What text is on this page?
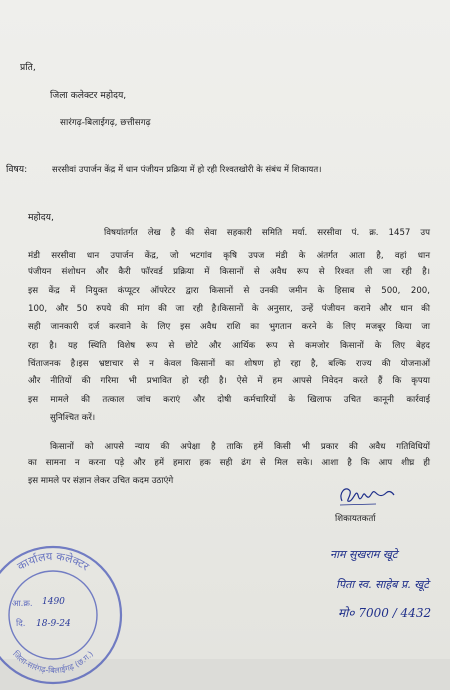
प्रति,
जिला कलेक्टर महोदय,
सारंगढ़-बिलाईगढ़, छत्तीसगढ़
विषय:	सरसीवां उपार्जन केंद्र में धान पंजीयन प्रक्रिया में हो रही रिश्वतखोरी के संबंध में शिकायत।
महोदय,
विषयांतर्गत लेख है की सेवा सहकारी समिति मर्या. सरसीवा पं. क्र. 1457 उप
मंडी सरसीवा धान उपार्जन केंद्र, जो भटगांव कृषि उपज मंडी के अंतर्गत आता है, वहां धान
पंजीयन संशोधन और कैरी फॉरवर्ड प्रक्रिया में किसानों से अवैध रूप से रिश्वत ली जा रही है।
इस केंद्र में नियुक्त कंप्यूटर ऑपरेटर द्वारा किसानों से उनकी जमीन के हिसाब से 500, 200,
100, और 50 रुपये की मांग की जा रही है।किसानों के अनुसार, उन्हें पंजीयन कराने और धान की
सही जानकारी दर्ज करवाने के लिए इस अवैध राशि का भुगतान करने के लिए मजबूर किया जा
रहा है। यह स्थिति विशेष रूप से छोटे और आर्थिक रूप से कमजोर किसानों के लिए बेहद
चिंताजनक है।इस भ्रष्टाचार से न केवल किसानों का शोषण हो रहा है, बल्कि राज्य की योजनाओं
और नीतियों की गरिमा भी प्रभावित हो रही है। ऐसे में हम आपसे निवेदन करते हैं कि कृपया
इस मामले की तत्काल जांच कराएं और दोषी कर्मचारियों के खिलाफ उचित कानूनी कार्रवाई
सुनिश्चित करें।
किसानों को आपसे न्याय की अपेक्षा है ताकि हमें किसी भी प्रकार की अवैध गतिविधियों
का सामना न करना पड़े और हमें हमारा हक सही ढंग से मिल सके। आशा है कि आप शीघ्र ही
इस मामले पर संज्ञान लेकर उचित कदम उठाएंगे
शिकायतकर्ता
नाम सुखराम खूटे
पिता स्व. साहेब प्र. खूटे
मो० 7000 / 4432
कार्यालय कलेक्टर
जिला-सारंगढ़-बिलाईगढ़ (छ.ग.)
आ.क्र. 1490
दि. 18-9-24
